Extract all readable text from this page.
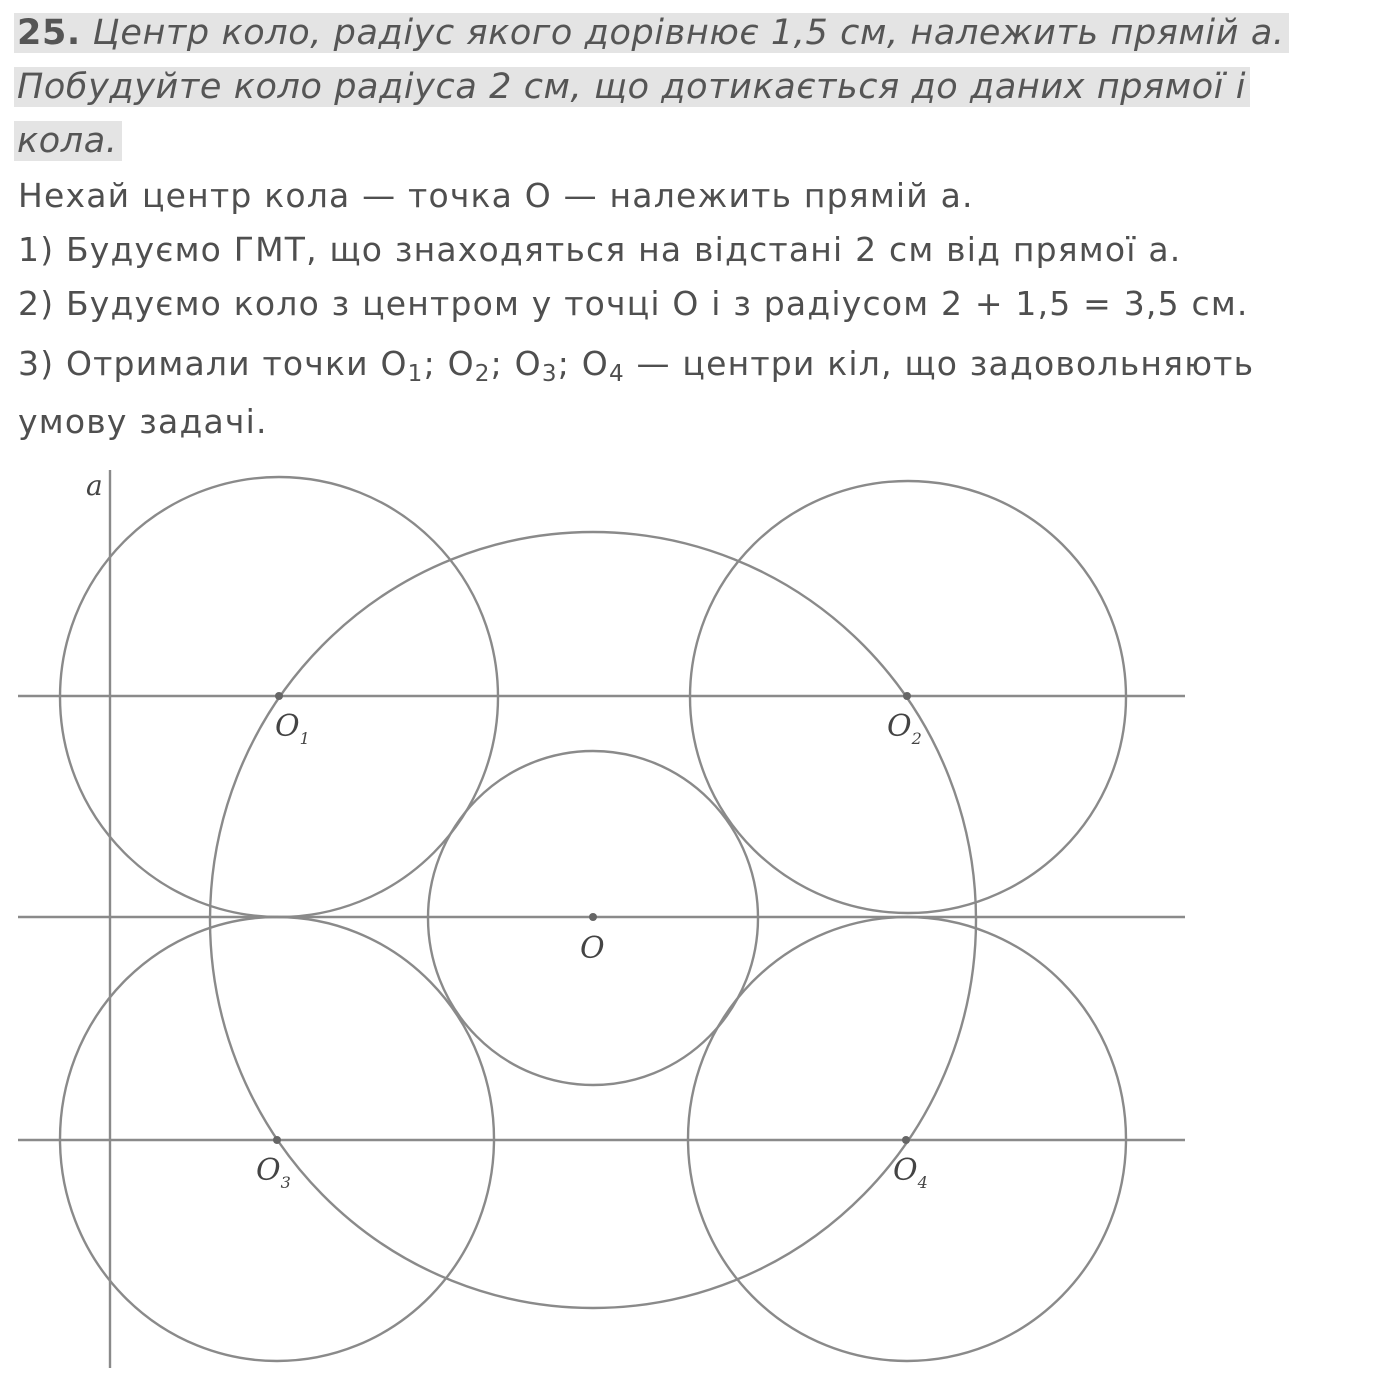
25. Центр коло, радіус якого дорівнює 1,5 см, належить прямій a.
Побудуйте коло радіуса 2 см, що дотикається до даних прямої і
кола.

Нехай центр кола — точка O — належить прямій a.
1) Будуємо ГМТ, що знаходяться на відстані 2 см від прямої a.
2) Будуємо коло з центром у точці O і з радіусом 2 + 1,5 = 3,5 см.
3) Отримали точки $O_1$; $O_2$; $O_3$; $O_4$ — центри кіл, що задовольняють
умову задачі.
a
O
$O_1$	$O_2$
$O_3$	$O_4$
